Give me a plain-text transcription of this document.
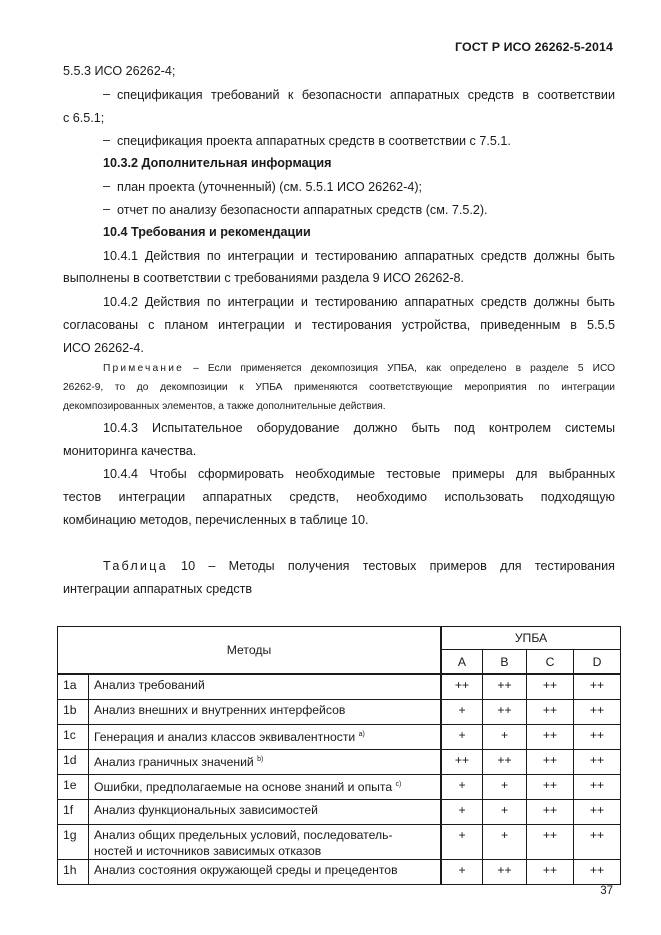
ГОСТ Р ИСО 26262-5-2014
5.5.3 ИСО 26262-4;
– спецификация требований к безопасности аппаратных средств в соответствии
с 6.5.1;
– спецификация проекта аппаратных средств в соответствии с 7.5.1.
10.3.2 Дополнительная информация
– план проекта (уточненный) (см. 5.5.1 ИСО 26262-4);
– отчет по анализу безопасности аппаратных средств (см. 7.5.2).
10.4 Требования и рекомендации
10.4.1 Действия по интеграции и тестированию аппаратных средств должны быть
выполнены в соответствии с требованиями раздела 9 ИСО 26262-8.
10.4.2 Действия по интеграции и тестированию аппаратных средств должны быть
согласованы с планом интеграции и тестирования устройства, приведенным в 5.5.5
ИСО 26262-4.
Примечание – Если применяется декомпозиция УПБА, как определено в разделе 5 ИСО
26262-9, то до декомпозиции к УПБА применяются соответствующие мероприятия по интеграции
декомпозированных элементов, а также дополнительные действия.
10.4.3 Испытательное оборудование должно быть под контролем системы
мониторинга качества.
10.4.4 Чтобы сформировать необходимые тестовые примеры для выбранных
тестов интеграции аппаратных средств, необходимо использовать подходящую
комбинацию методов, перечисленных в таблице 10.
Таблица 10 – Методы получения тестовых примеров для тестирования
интеграции аппаратных средств
Методы		УПБА			
		A	B	C	D
1a	Анализ требований	++	++	++	++
1b	Анализ внешних и внутренних интерфейсов	+	++	++	++
1c	Генерация и анализ классов эквивалентности $^{a)}$	+	+	++	++
1d	Анализ граничных значений $^{b)}$	++	++	++	++
1e	Ошибки, предполагаемые на основе знаний и опыта $^{c)}$	+	+	++	++
1f	Анализ функциональных зависимостей	+	+	++	++
1g	Анализ общих предельных условий, последователь-
ностей и источников зависимых отказов	+	+	++	++
1h	Анализ состояния окружающей среды и прецедентов	+	++	++	++
37
